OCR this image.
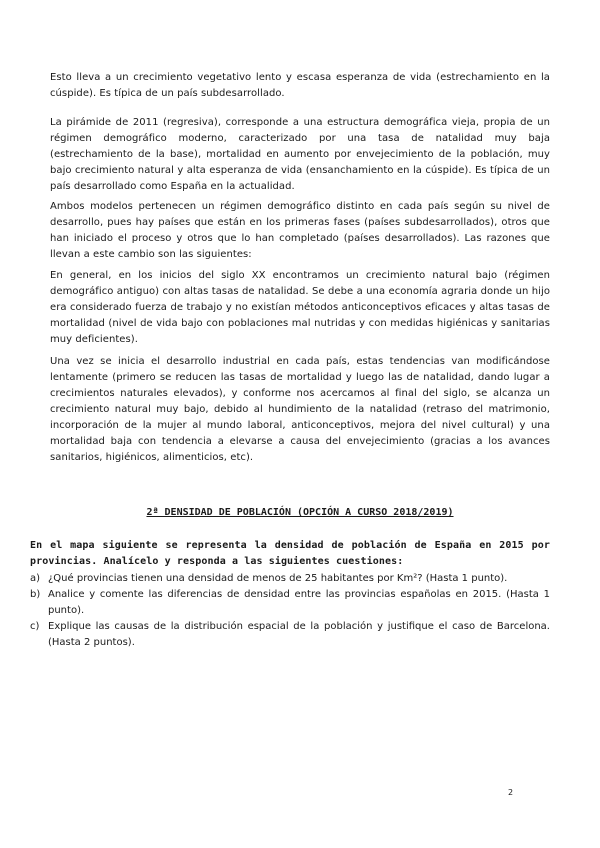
Esto lleva a un crecimiento vegetativo lento y escasa esperanza de vida (estrechamiento en la cúspide). Es típica de un país subdesarrollado.

La pirámide de 2011 (regresiva), corresponde a una estructura demográfica vieja, propia de un régimen demográfico moderno, caracterizado por una tasa de natalidad muy baja (estrechamiento de la base), mortalidad en aumento por envejecimiento de la población, muy bajo crecimiento natural y alta esperanza de vida (ensanchamiento en la cúspide). Es típica de un país desarrollado como España en la actualidad.

Ambos modelos pertenecen un régimen demográfico distinto en cada país según su nivel de desarrollo, pues hay países que están en los primeras fases (países subdesarrollados), otros que han iniciado el proceso y otros que lo han completado (países desarrollados). Las razones que llevan a este cambio son las siguientes:

En general, en los inicios del siglo XX encontramos un crecimiento natural bajo (régimen demográfico antiguo) con altas tasas de natalidad. Se debe a una economía agraria donde un hijo era considerado fuerza de trabajo y no existían métodos anticonceptivos eficaces y altas tasas de mortalidad (nivel de vida bajo con poblaciones mal nutridas y con medidas higiénicas y sanitarias muy deficientes).

Una vez se inicia el desarrollo industrial en cada país, estas tendencias van modificándose lentamente (primero se reducen las tasas de mortalidad y luego las de natalidad, dando lugar a crecimientos naturales elevados), y conforme nos acercamos al final del siglo, se alcanza un crecimiento natural muy bajo, debido al hundimiento de la natalidad (retraso del matrimonio, incorporación de la mujer al mundo laboral, anticonceptivos, mejora del nivel cultural) y una mortalidad baja con tendencia a elevarse a causa del envejecimiento (gracias a los avances sanitarios, higiénicos, alimenticios, etc).

2ª DENSIDAD DE POBLACIÓN (OPCIÓN A CURSO 2018/2019)

En el mapa siguiente se representa la densidad de población de España en 2015 por provincias. Analícelo y responda a las siguientes cuestiones:

a) ¿Qué provincias tienen una densidad de menos de 25 habitantes por Km²? (Hasta 1 punto).
b) Analice y comente las diferencias de densidad entre las provincias españolas en 2015. (Hasta 1 punto).
c) Explique las causas de la distribución espacial de la población y justifique el caso de Barcelona. (Hasta 2 puntos).
2
